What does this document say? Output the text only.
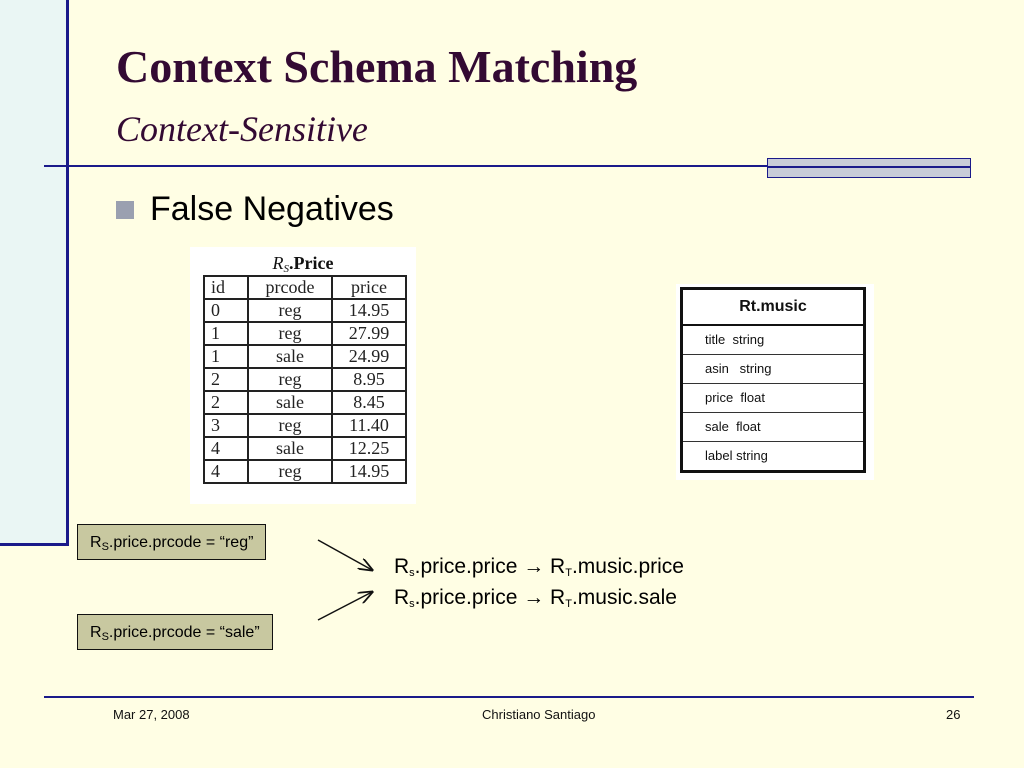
Context Schema Matching
Context-Sensitive
False Negatives
$R_S.Price$
id	prcode	price
0	reg	14.95
1	reg	27.99
1	sale	24.99
2	reg	8.95
2	sale	8.45
3	reg	11.40
4	sale	12.25
4	reg	14.95
Rt.music
title  string
asin   string
price  float
sale  float
label string
$R_S.price.prcode$ = “reg”
$R_S.price.prcode$ = “sale”
$R_s.price.price$ → $R_T.music.price$
$R_s.price.price$ → $R_T.music.sale$
Mar 27, 2008	Christiano Santiago	26
